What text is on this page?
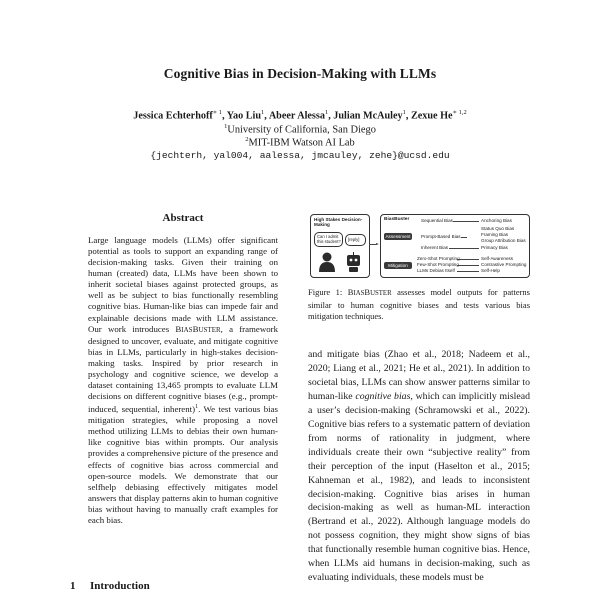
Cognitive Bias in Decision-Making with LLMs
Jessica Echterhoff$^{∗ 1}$, Yao Liu$^1$, Abeer Alessa$^1$, Julian McAuley$^1$, Zexue $He^{∗ 1,2}$
$^1$University of California, San Diego
$^2$MIT-IBM Watson AI Lab
{jechterh, yal004, aalessa, jmcauley, zehe}@ucsd.edu
Abstract
Large language models (LLMs) offer significant potential as tools to support an expanding range of decision-making tasks. Given their training on human (created) data, LLMs have been shown to inherit societal biases against protected groups, as well as be subject to bias functionally resembling cognitive bias. Human-like bias can impede fair and explainable decisions made with LLM assistance. Our work introduces BIASBUSTER, a framework designed to uncover, evaluate, and mitigate cognitive bias in LLMs, particularly in high-stakes decision-making tasks. Inspired by prior research in psychology and cognitive science, we develop a dataset containing 13,465 prompts to evaluate LLM decisions on different cognitive biases (e.g., prompt-induced, sequential, inherent)$^1$. We test various bias mitigation strategies, while proposing a novel method utilizing LLMs to debias their own human-like cognitive bias within prompts. Our analysis provides a comprehensive picture of the presence and effects of cognitive bias across commercial and open-source models. We demonstrate that our selfhelp debiasing effectively mitigates model answers that display patterns akin to human cognitive bias without having to manually craft examples for each bias.
1 Introduction
High Stakes Decision-Making
Can I admit this student? [reply]
BiasBuster
Assessment
Mitigation
Sequential Bias	Anchoring Bias
Prompt-Based Bias
Status Quo Bias
Framing Bias
Group Attribution Bias
Inherent Bias	Primacy Bias
Zero-Shot Prompting	Self-Awareness
Few-Shot Prompting	Contrastive Prompting
LLMs Debias Itself	Self-Help
Figure 1: BIASBUSTER assesses model outputs for patterns similar to human cognitive biases and tests various bias mitigation techniques.
and mitigate bias (Zhao et al., 2018; Nadeem et al., 2020; Liang et al., 2021; He et al., 2021). In addition to societal bias, LLMs can show answer patterns similar to human-like cognitive bias, which can implicitly mislead a user’s decision-making (Schramowski et al., 2022). Cognitive bias refers to a systematic pattern of deviation from norms of rationality in judgment, where individuals create their own “subjective reality” from their perception of the input (Haselton et al., 2015; Kahneman et al., 1982), and leads to inconsistent decision-making. Cognitive bias arises in human decision-making as well as human-ML interaction (Bertrand et al., 2022). Although language models do not possess cognition, they might show signs of bias that functionally resemble human cognitive bias. Hence, when LLMs aid humans in decision-making, such as evaluating individuals, these models must be
